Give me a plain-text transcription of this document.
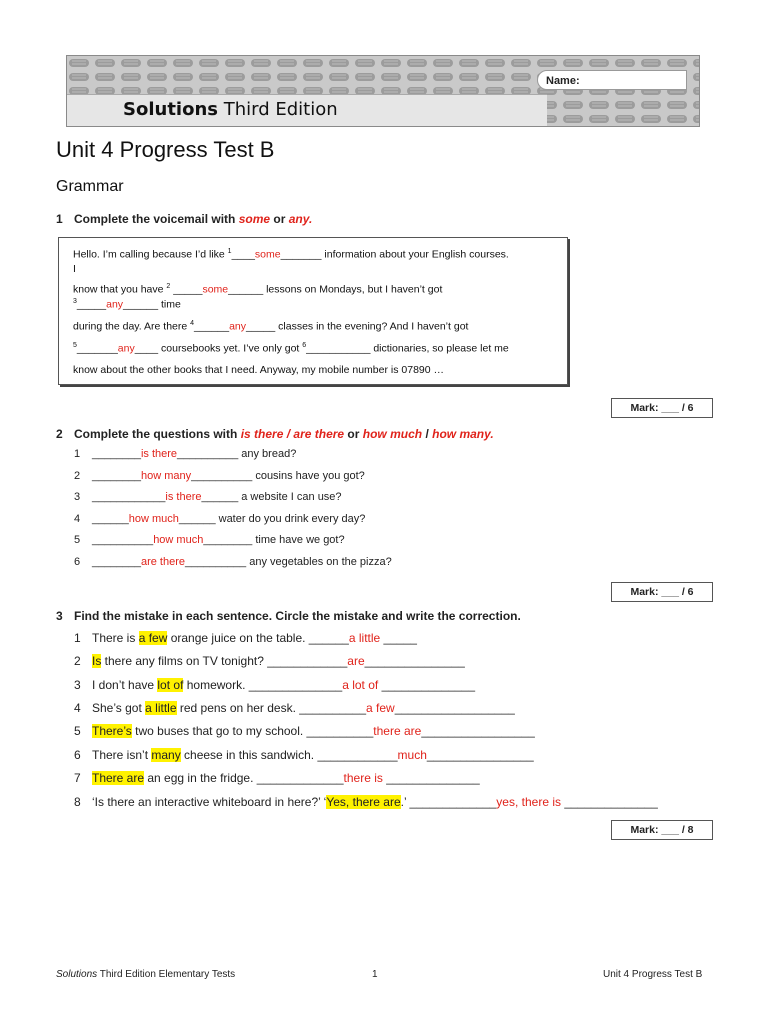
Name:
Solutions Third Edition
Unit 4 Progress Test B
Grammar
1 Complete the voicemail with some or any.
Hello. I’m calling because I’d like $^1$____some_______ information about your English courses.
I
know that you have $^2$ _____some______ lessons on Mondays, but I haven’t got
$^3$_____any______ time
during the day. Are there $^4$______any_____ classes in the evening? And I haven’t got
$^5$_______any____ coursebooks yet. I’ve only got $^6$___________ dictionaries, so please let me
know about the other books that I need. Anyway, my mobile number is 07890 …
Mark: ___ / 6
2 Complete the questions with is there / are there or how much / how many.
1 ________is there__________ any bread?
2 ________how many__________ cousins have you got?
3 ____________is there______ a website I can use?
4 ______how much______ water do you drink every day?
5 __________how much________ time have we got?
6 ________are there__________ any vegetables on the pizza?
Mark: ___ / 6
3 Find the mistake in each sentence. Circle the mistake and write the correction.
1 There is a few orange juice on the table. ______a little _____
2 Is there any films on TV tonight? ____________are_______________
3 I don’t have lot of homework. ______________a lot of ______________
4 She’s got a little red pens on her desk. __________a few__________________
5 There’s two buses that go to my school. __________there are_________________
6 There isn’t many cheese in this sandwich. ____________much________________
7 There are an egg in the fridge. _____________there is ______________
8 ‘Is there an interactive whiteboard in here?’ ‘Yes, there are.’ _____________yes, there is ______________
Mark: ___ / 8
Solutions Third Edition Elementary Tests	1	Unit 4 Progress Test B
